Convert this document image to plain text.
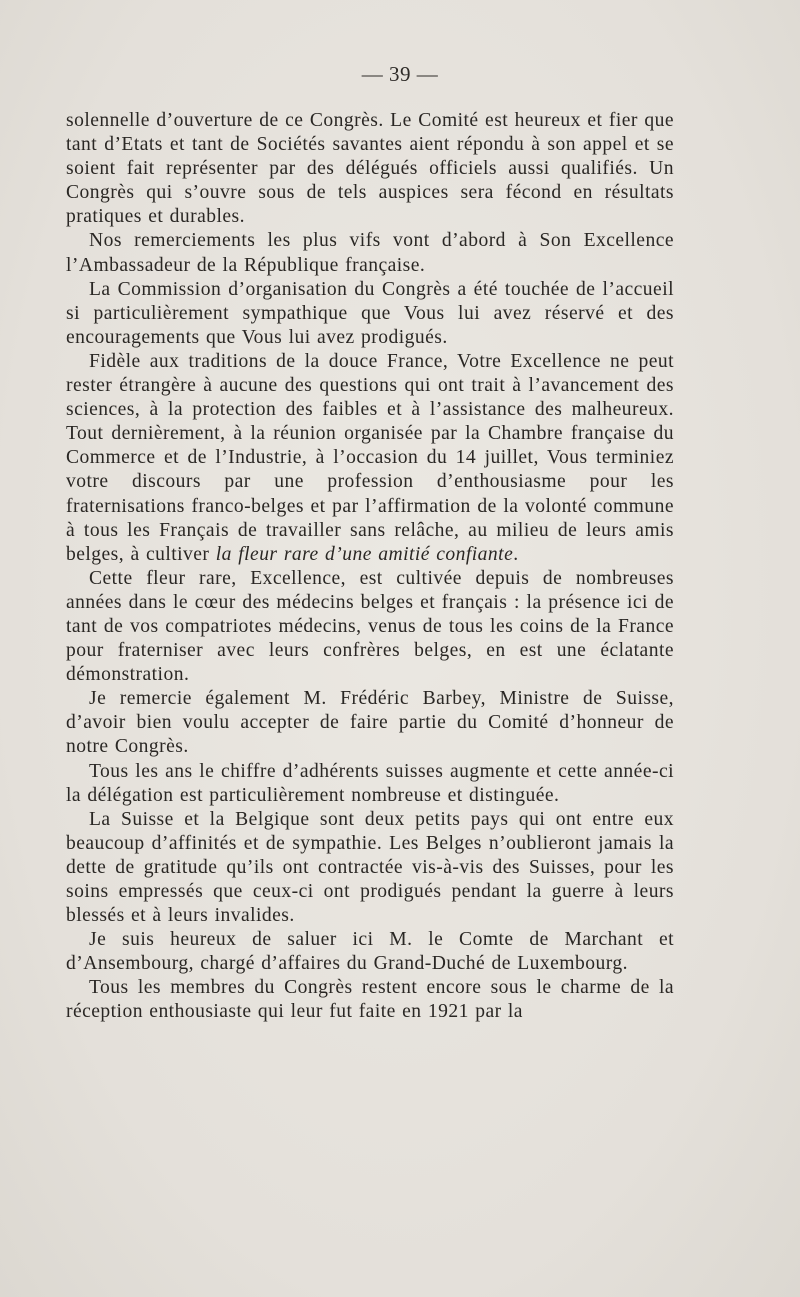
— 39 —

solennelle d’ouverture de ce Congrès. Le Comité est heureux et fier que tant d’Etats et tant de Sociétés savantes aient répondu à son appel et se soient fait représenter par des délégués officiels aussi qualifiés. Un Congrès qui s’ouvre sous de tels auspices sera fécond en résultats pratiques et durables.

Nos remerciements les plus vifs vont d’abord à Son Excellence l’Ambassadeur de la République française.

La Commission d’organisation du Congrès a été touchée de l’accueil si particulièrement sympathique que Vous lui avez réservé et des encouragements que Vous lui avez prodigués.

Fidèle aux traditions de la douce France, Votre Excellence ne peut rester étrangère à aucune des questions qui ont trait à l’avancement des sciences, à la protection des faibles et à l’assistance des malheureux. Tout dernièrement, à la réunion organisée par la Chambre française du Commerce et de l’Industrie, à l’occasion du 14 juillet, Vous terminiez votre discours par une profession d’enthousiasme pour les fraternisations franco-belges et par l’affirmation de la volonté commune à tous les Français de travailler sans relâche, au milieu de leurs amis belges, à cultiver la fleur rare d’une amitié confiante.

Cette fleur rare, Excellence, est cultivée depuis de nombreuses années dans le cœur des médecins belges et français : la présence ici de tant de vos compatriotes médecins, venus de tous les coins de la France pour fraterniser avec leurs confrères belges, en est une éclatante démonstration.

Je remercie également M. Frédéric Barbey, Ministre de Suisse, d’avoir bien voulu accepter de faire partie du Comité d’honneur de notre Congrès.

Tous les ans le chiffre d’adhérents suisses augmente et cette année-ci la délégation est particulièrement nombreuse et distinguée.

La Suisse et la Belgique sont deux petits pays qui ont entre eux beaucoup d’affinités et de sympathie. Les Belges n’oublieront jamais la dette de gratitude qu’ils ont contractée vis-à-vis des Suisses, pour les soins empressés que ceux-ci ont prodigués pendant la guerre à leurs blessés et à leurs invalides.

Je suis heureux de saluer ici M. le Comte de Marchant et d’Ansembourg, chargé d’affaires du Grand-Duché de Luxembourg.

Tous les membres du Congrès restent encore sous le charme de la réception enthousiaste qui leur fut faite en 1921 par la
